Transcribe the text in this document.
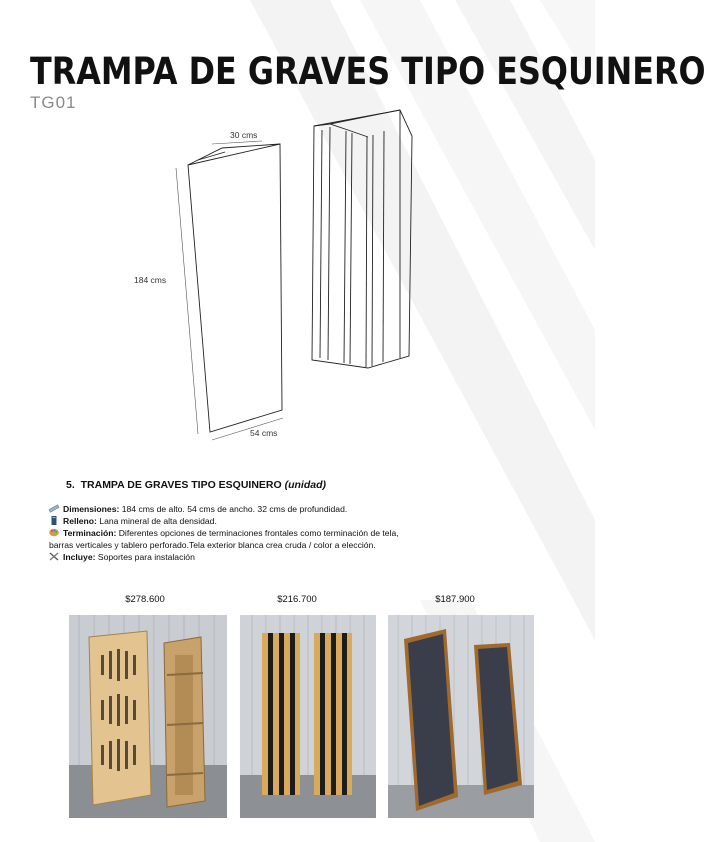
TRAMPA DE GRAVES TIPO ESQUINERO
TG01
30 cms
184 cms
54 cms
5. TRAMPA DE GRAVES TIPO ESQUINERO (unidad)
Dimensiones: 184 cms de alto. 54 cms de ancho. 32 cms de profundidad.
Relleno: Lana mineral de alta densidad.
Terminación: Diferentes opciones de terminaciones frontales como terminación de tela,
barras verticales y tablero perforado.Tela exterior blanca crea cruda / color a elección.
Incluye: Soportes para instalación
$278.600	$216.700	$187.900
